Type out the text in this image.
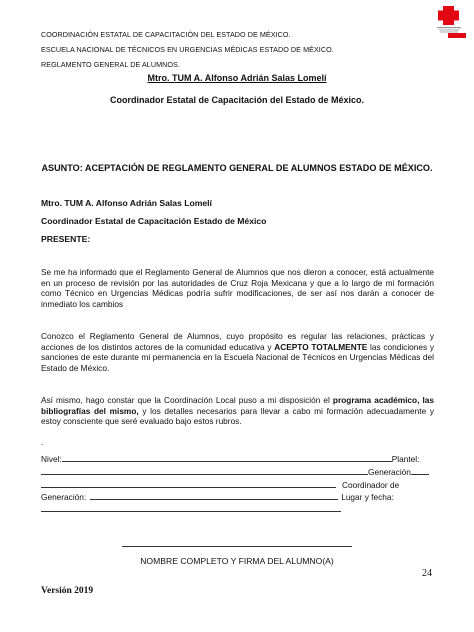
COORDINACIÓN ESTATAL DE CAPACITACIÓN DEL ESTADO DE MÉXICO.
ESCUELA NACIONAL DE TÉCNICOS EN URGENCIAS MÉDICAS ESTADO DE MÉXICO.
REGLAMENTO GENERAL DE ALUMNOS.
Mtro. TUM A. Alfonso Adrián Salas Lomelí
Coordinador Estatal de Capacitación del Estado de México.
ASUNTO: ACEPTACIÓN DE REGLAMENTO GENERAL DE ALUMNOS ESTADO DE MÉXICO.
Mtro. TUM A. Alfonso Adrián Salas Lomelí
Coordinador Estatal de Capacitación Estado de México
PRESENTE:
Se me ha informado que el Reglamento General de Alumnos que nos dieron a conocer, está actualmente en un proceso de revisión por las autoridades de Cruz Roja Mexicana y que a lo largo de mi formación como Técnico en Urgencias Médicas podría sufrir modificaciones, de ser así nos darán a conocer de inmediato los cambios
Conozco el Reglamento General de Alumnos, cuyo propósito es regular las relaciones, prácticas y acciones de los distintos actores de la comunidad educativa y ACEPTO TOTALMENTE las condiciones y sanciones de este durante mi permanencia en la Escuela Nacional de Técnicos en Urgencias Médicas del Estado de México.
Así mismo, hago constar que la Coordinación Local puso a mi disposición el programa académico, las bibliografías del mismo, y los detalles necesarios para llevar a cabo mi formación adecuadamente y estoy consciente que seré evaluado bajo estos rubros.
.
Nivel:	Plantel:
Generación
Coordinador de
Generación:	Lugar y fecha:
NOMBRE COMPLETO Y FIRMA DEL ALUMNO(A)
24
Versión 2019
